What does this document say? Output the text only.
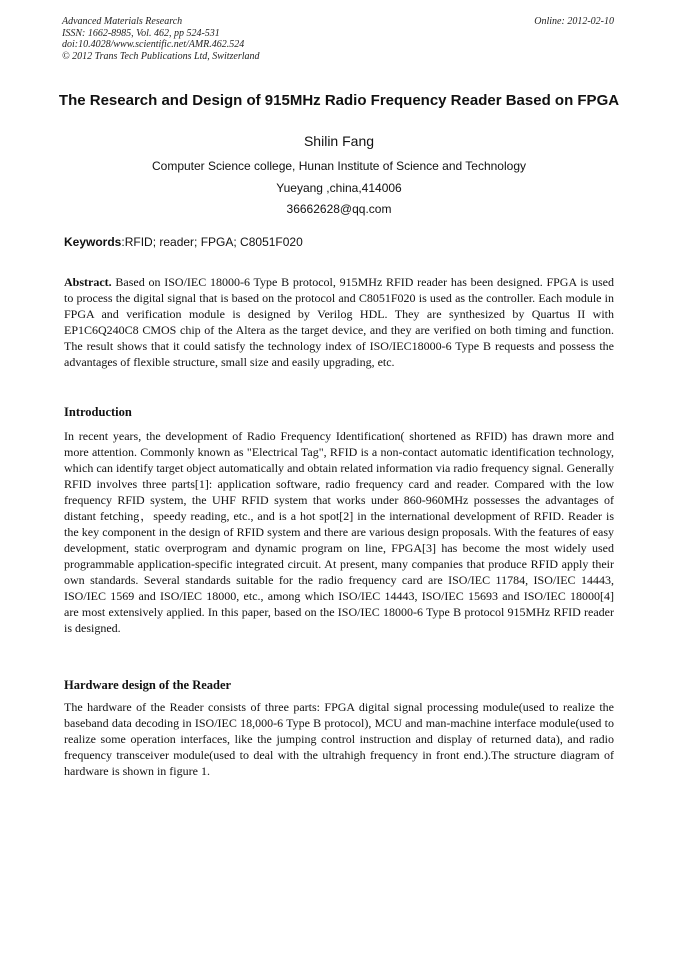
Advanced Materials Research
ISSN: 1662-8985, Vol. 462, pp 524-531
doi:10.4028/www.scientific.net/AMR.462.524
© 2012 Trans Tech Publications Ltd, Switzerland
Online: 2012-02-10
The Research and Design of 915MHz Radio Frequency Reader Based on FPGA
Shilin Fang
Computer Science college, Hunan Institute of Science and Technology
Yueyang ,china,414006
36662628@qq.com
Keywords:RFID; reader; FPGA; C8051F020

Abstract. Based on ISO/IEC 18000-6 Type B protocol, 915MHz RFID reader has been designed. FPGA is used to process the digital signal that is based on the protocol and C8051F020 is used as the controller. Each module in FPGA and verification module is designed by Verilog HDL. They are synthesized by Quartus II with EP1C6Q240C8 CMOS chip of the Altera as the target device, and they are verified on both timing and function. The result shows that it could satisfy the technology index of ISO/IEC18000-6 Type B requests and possess the advantages of flexible structure, small size and easily upgrading, etc.

Introduction

In recent years, the development of Radio Frequency Identification( shortened as RFID) has drawn more and more attention. Commonly known as "Electrical Tag", RFID is a non-contact automatic identification technology, which can identify target object automatically and obtain related information via radio frequency signal. Generally RFID involves three parts[1]: application software, radio frequency card and reader. Compared with the low frequency RFID system, the UHF RFID system that works under 860-960MHz possesses the advantages of distant fetching，speedy reading, etc., and is a hot spot[2] in the international development of RFID. Reader is the key component in the design of RFID system and there are various design proposals. With the features of easy development, static overprogram and dynamic program on line, FPGA[3] has become the most widely used programmable application-specific integrated circuit. At present, many companies that produce RFID apply their own standards. Several standards suitable for the radio frequency card are ISO/IEC 11784, ISO/IEC 14443, ISO/IEC 1569 and ISO/IEC 18000, etc., among which ISO/IEC 14443, ISO/IEC 15693 and ISO/IEC 18000[4] are most extensively applied. In this paper, based on the ISO/IEC 18000-6 Type B protocol 915MHz RFID reader is designed.

Hardware design of the Reader

The hardware of the Reader consists of three parts: FPGA digital signal processing module(used to realize the baseband data decoding in ISO/IEC 18,000-6 Type B protocol), MCU and man-machine interface module(used to realize some operation interfaces, like the jumping control instruction and display of returned data), and radio frequency transceiver module(used to deal with the ultrahigh frequency in front end.).The structure diagram of hardware is shown in figure 1.
